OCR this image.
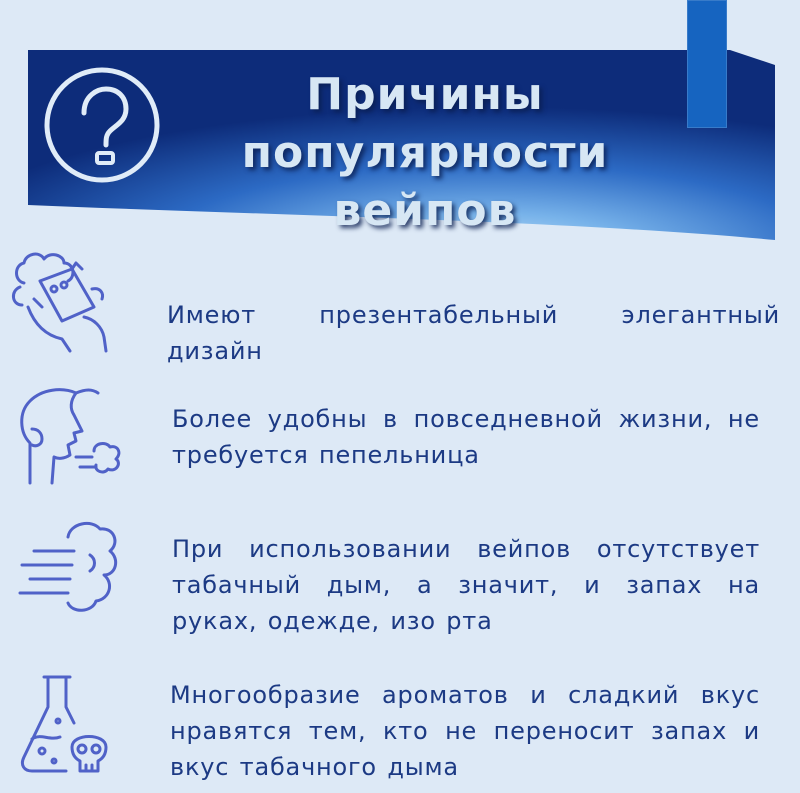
Причины популярности вейпов

Имеют презентабельный элегантный дизайн

Более удобны в повседневной жизни, не требуется пепельница

При использовании вейпов отсутствует табачный дым, а значит, и запах на руках, одежде, изо рта

Многообразие ароматов и сладкий вкус нравятся тем, кто не переносит запах и вкус табачного дыма
